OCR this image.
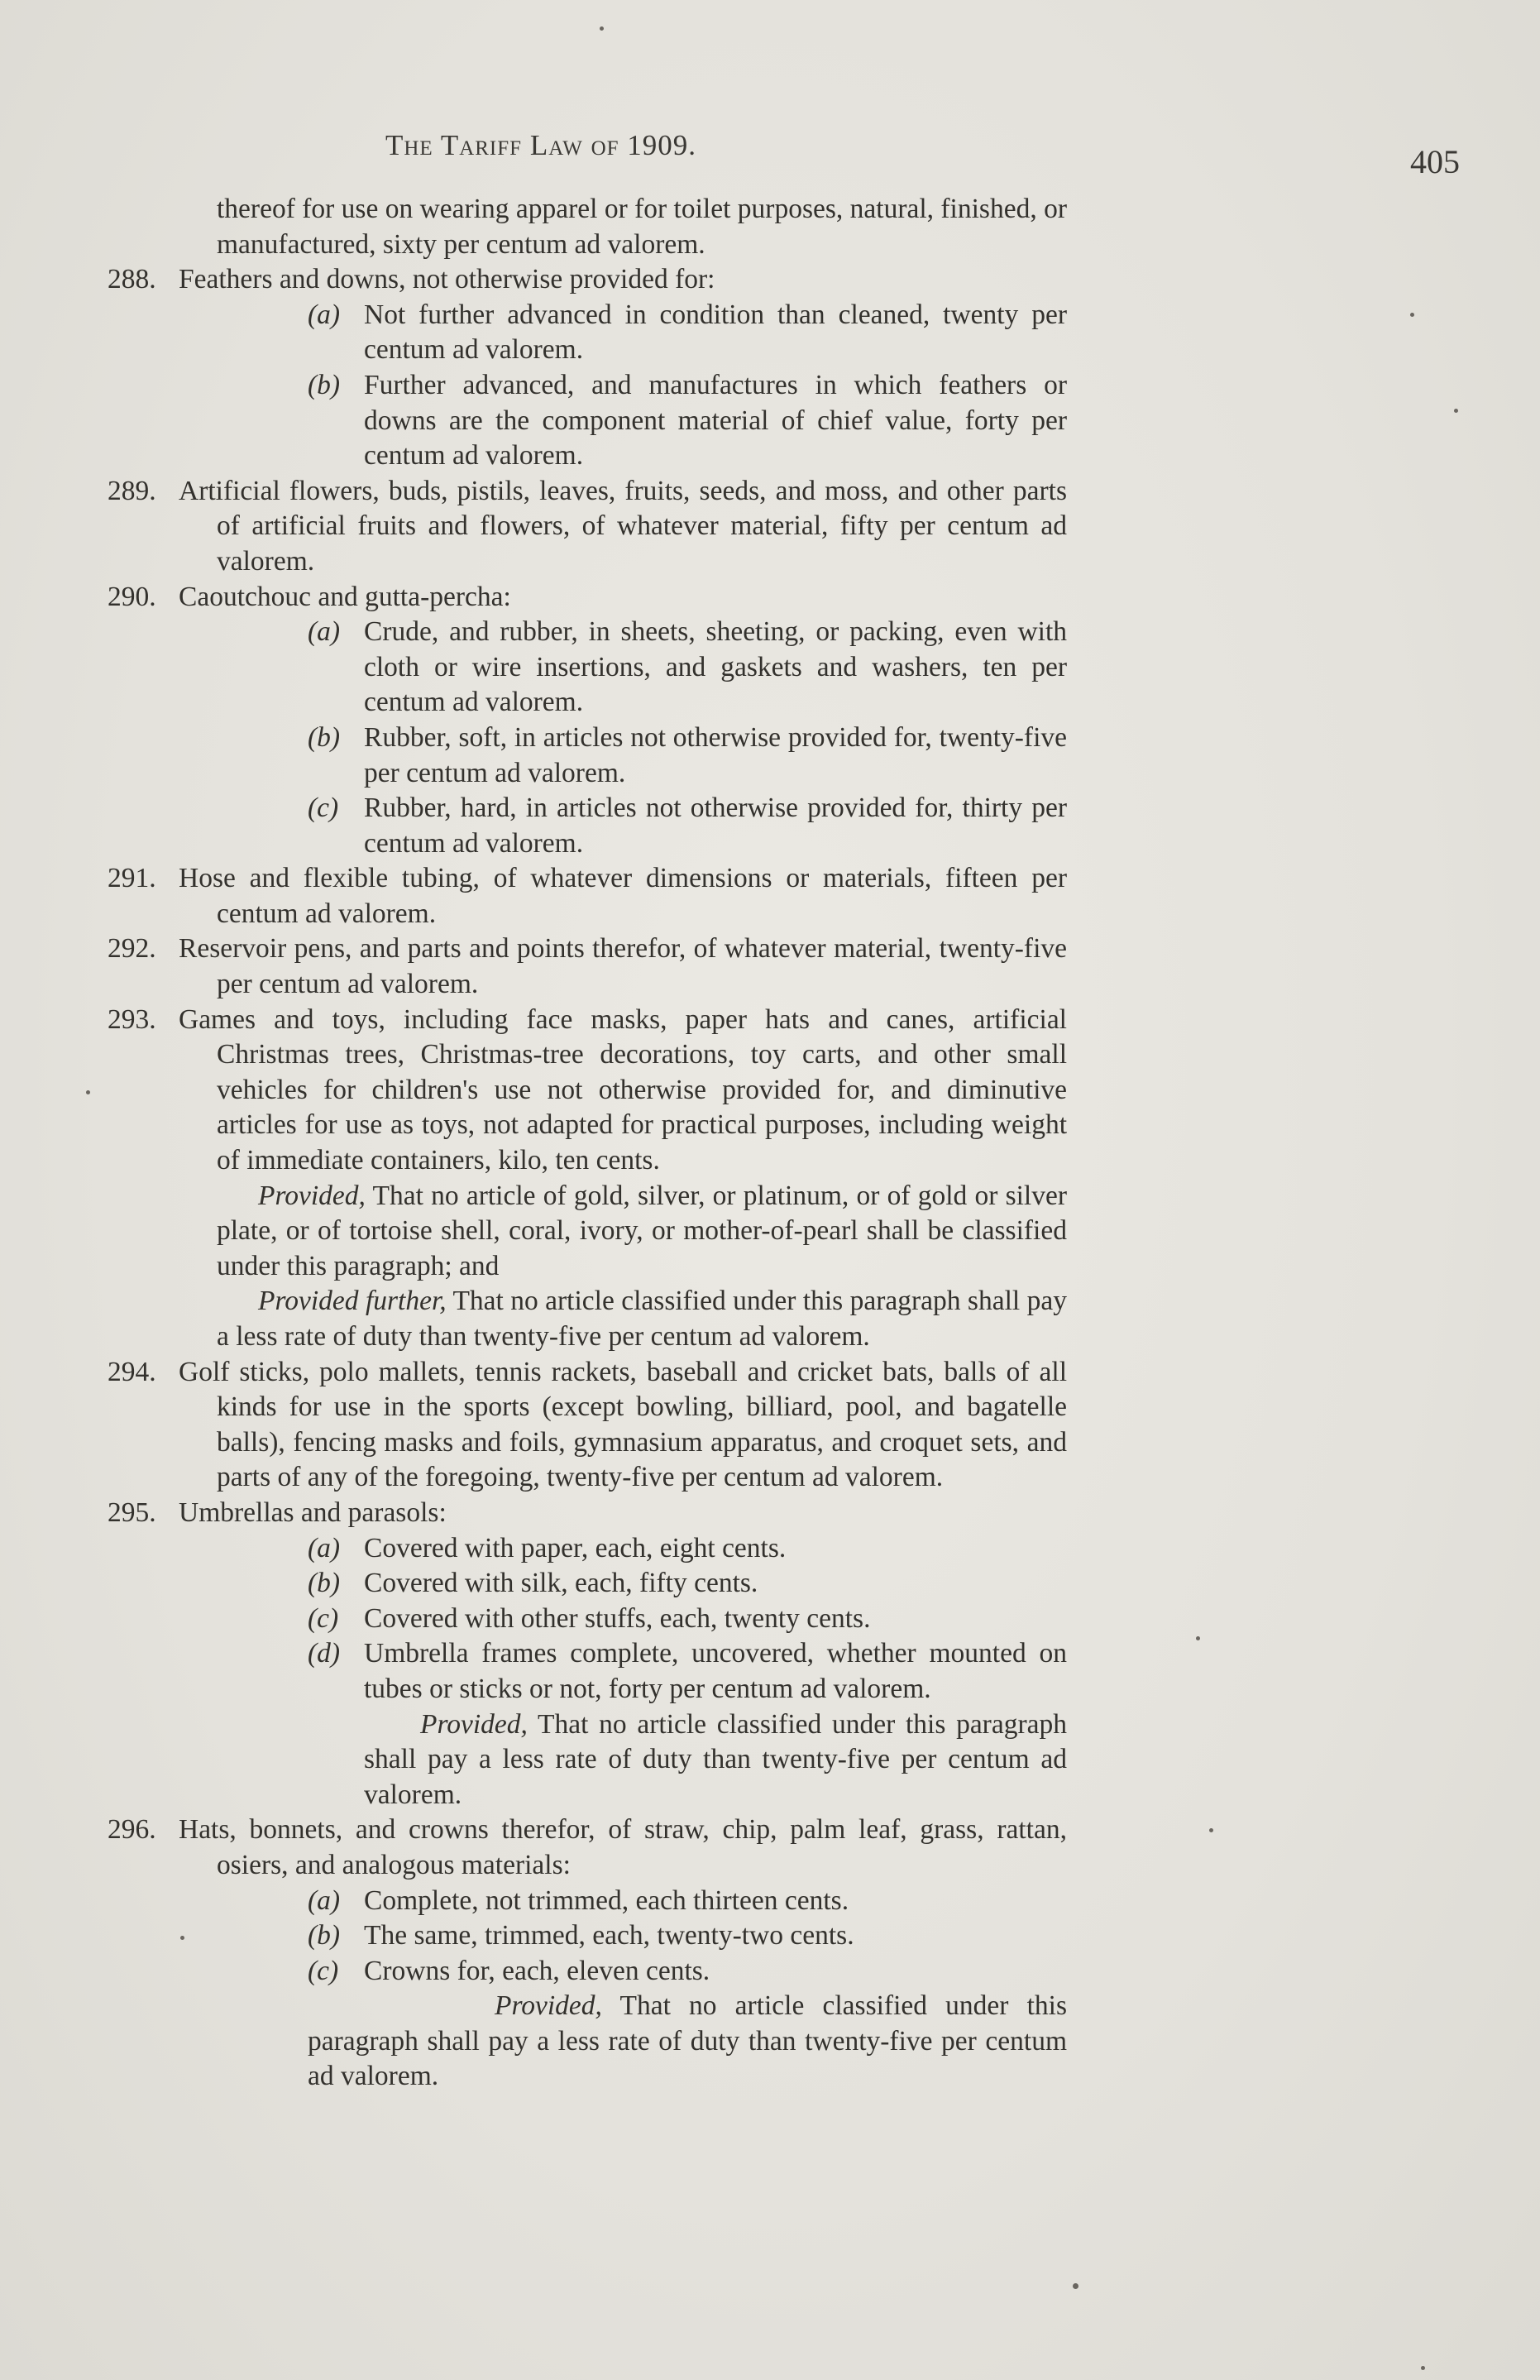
The Tariff Law of 1909.	405

thereof for use on wearing apparel or for toilet purposes, natural, finished, or manufactured, sixty per centum ad valorem.

288. Feathers and downs, not otherwise provided for:

(a) Not further advanced in condition than cleaned, twenty per centum ad valorem.

(b) Further advanced, and manufactures in which feathers or downs are the component material of chief value, forty per centum ad valorem.

289. Artificial flowers, buds, pistils, leaves, fruits, seeds, and moss, and other parts of artificial fruits and flowers, of whatever material, fifty per centum ad valorem.

290. Caoutchouc and gutta-percha:

(a) Crude, and rubber, in sheets, sheeting, or packing, even with cloth or wire insertions, and gaskets and washers, ten per centum ad valorem.

(b) Rubber, soft, in articles not otherwise provided for, twenty-five per centum ad valorem.

(c) Rubber, hard, in articles not otherwise provided for, thirty per centum ad valorem.

291. Hose and flexible tubing, of whatever dimensions or materials, fifteen per centum ad valorem.

292. Reservoir pens, and parts and points therefor, of whatever material, twenty-five per centum ad valorem.

293. Games and toys, including face masks, paper hats and canes, artificial Christmas trees, Christmas-tree decorations, toy carts, and other small vehicles for children's use not otherwise provided for, and diminutive articles for use as toys, not adapted for practical purposes, including weight of immediate containers, kilo, ten cents.

Provided, That no article of gold, silver, or platinum, or of gold or silver plate, or of tortoise shell, coral, ivory, or mother-of-pearl shall be classified under this paragraph; and

Provided further, That no article classified under this paragraph shall pay a less rate of duty than twenty-five per centum ad valorem.

294. Golf sticks, polo mallets, tennis rackets, baseball and cricket bats, balls of all kinds for use in the sports (except bowling, billiard, pool, and bagatelle balls), fencing masks and foils, gymnasium apparatus, and croquet sets, and parts of any of the foregoing, twenty-five per centum ad valorem.

295. Umbrellas and parasols:

(a) Covered with paper, each, eight cents.

(b) Covered with silk, each, fifty cents.

(c) Covered with other stuffs, each, twenty cents.

(d) Umbrella frames complete, uncovered, whether mounted on tubes or sticks or not, forty per centum ad valorem.

Provided, That no article classified under this paragraph shall pay a less rate of duty than twenty-five per centum ad valorem.

296. Hats, bonnets, and crowns therefor, of straw, chip, palm leaf, grass, rattan, osiers, and analogous materials:

(a) Complete, not trimmed, each thirteen cents.

(b) The same, trimmed, each, twenty-two cents.

(c) Crowns for, each, eleven cents.

Provided, That no article classified under this paragraph shall pay a less rate of duty than twenty-five per centum ad valorem.
